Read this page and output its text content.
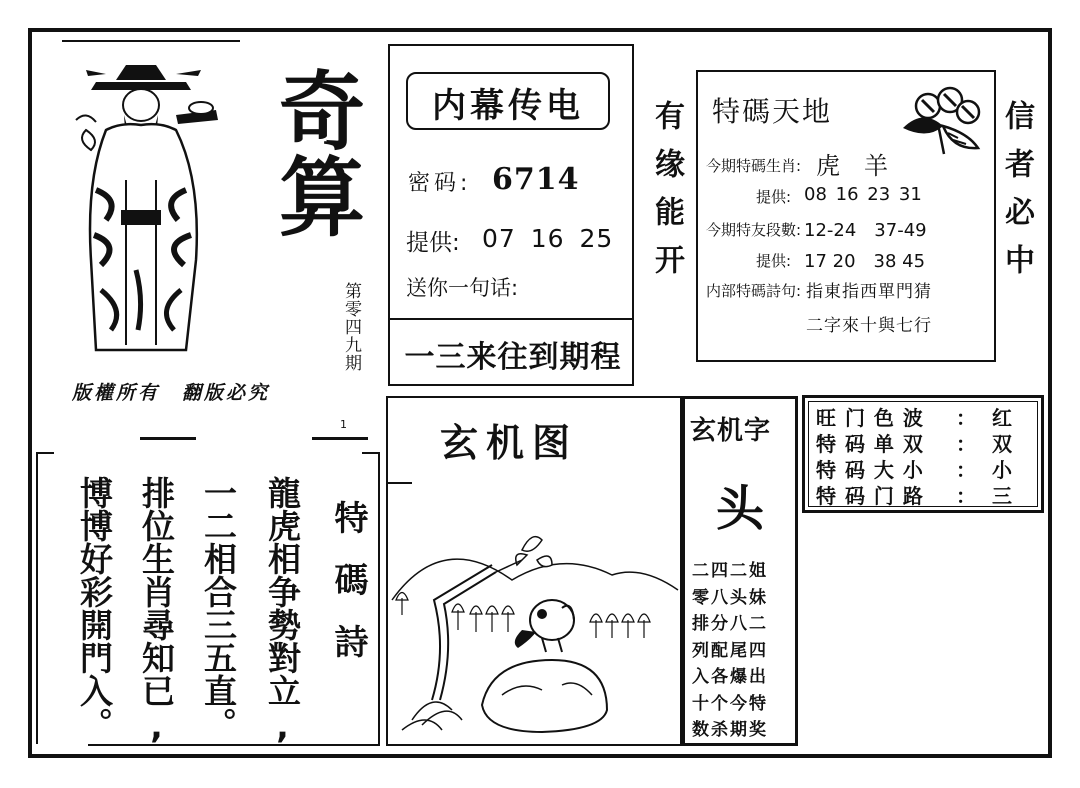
奇算
第零四九期
版權所有　翻版必究
1
内幕传电
密码: 6714
提供: 07 16 25
送你一句话:
一三来往到期程
有缘能开	信者必中
特碼天地
今期特碼生肖: 虎　羊
提供: 08 16 23 31
今期特友段數: 12-24　37-49
提供: 17 20　38 45
内部特碼詩句: 指東指西單門猜
二字來十與七行
旺 门 色 波	： 红
特 码 单 双	： 双
特 码 大 小	： 小
特 码 门 路	： 三
玄机图	玄机字
头
二四二姐
零八头妹
排分八二
列配尾四
入各爆出
十个今特
数杀期奖
特碼詩
龍虎相争勢對立,
一二相合三五直。
排位生肖尋知已,
博博好彩開門入。
